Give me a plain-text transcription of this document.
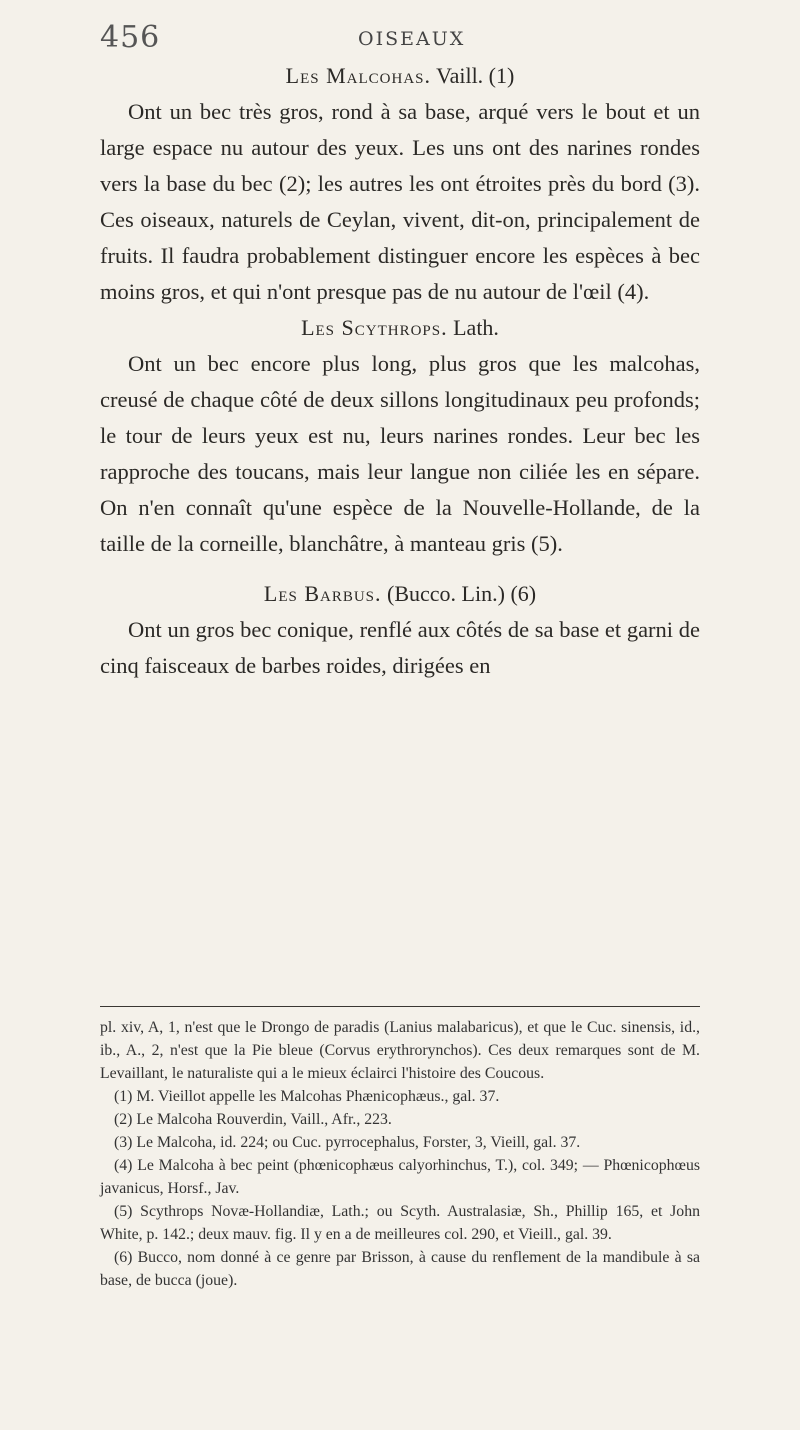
456	OISEAUX
Les Malcohas. Vaill. (1)

Ont un bec très gros, rond à sa base, arqué vers le bout et un large espace nu autour des yeux. Les uns ont des narines rondes vers la base du bec (2); les autres les ont étroites près du bord (3). Ces oiseaux, naturels de Ceylan, vivent, dit-on, principalement de fruits. Il faudra probablement distinguer encore les espèces à bec moins gros, et qui n'ont presque pas de nu autour de l'œil (4).

Les Scythrops. Lath.

Ont un bec encore plus long, plus gros que les malcohas, creusé de chaque côté de deux sillons longitudinaux peu profonds; le tour de leurs yeux est nu, leurs narines rondes. Leur bec les rapproche des toucans, mais leur langue non ciliée les en sépare. On n'en connaît qu'une espèce de la Nouvelle-Hollande, de la taille de la corneille, blanchâtre, à manteau gris (5).

Les Barbus. (Bucco. Lin.) (6)

Ont un gros bec conique, renflé aux côtés de sa base et garni de cinq faisceaux de barbes roides, dirigées en

pl. xiv, A, 1, n'est que le Drongo de paradis (Lanius malabaricus), et que le Cuc. sinensis, id., ib., A., 2, n'est que la Pie bleue (Corvus erythrorynchos). Ces deux remarques sont de M. Levaillant, le naturaliste qui a le mieux éclairci l'histoire des Coucous.

(1) M. Vieillot appelle les Malcohas Phænicophæus., gal. 37.

(2) Le Malcoha Rouverdin, Vaill., Afr., 223.

(3) Le Malcoha, id. 224; ou Cuc. pyrrocephalus, Forster, 3, Vieill, gal. 37.

(4) Le Malcoha à bec peint (phœnicophæus calyorhinchus, T.), col. 349; — Phœnicophœus javanicus, Horsf., Jav.

(5) Scythrops Novæ-Hollandiæ, Lath.; ou Scyth. Australasiæ, Sh., Phillip 165, et John White, p. 142.; deux mauv. fig. Il y en a de meilleures col. 290, et Vieill., gal. 39.

(6) Bucco, nom donné à ce genre par Brisson, à cause du renflement de la mandibule à sa base, de bucca (joue).
